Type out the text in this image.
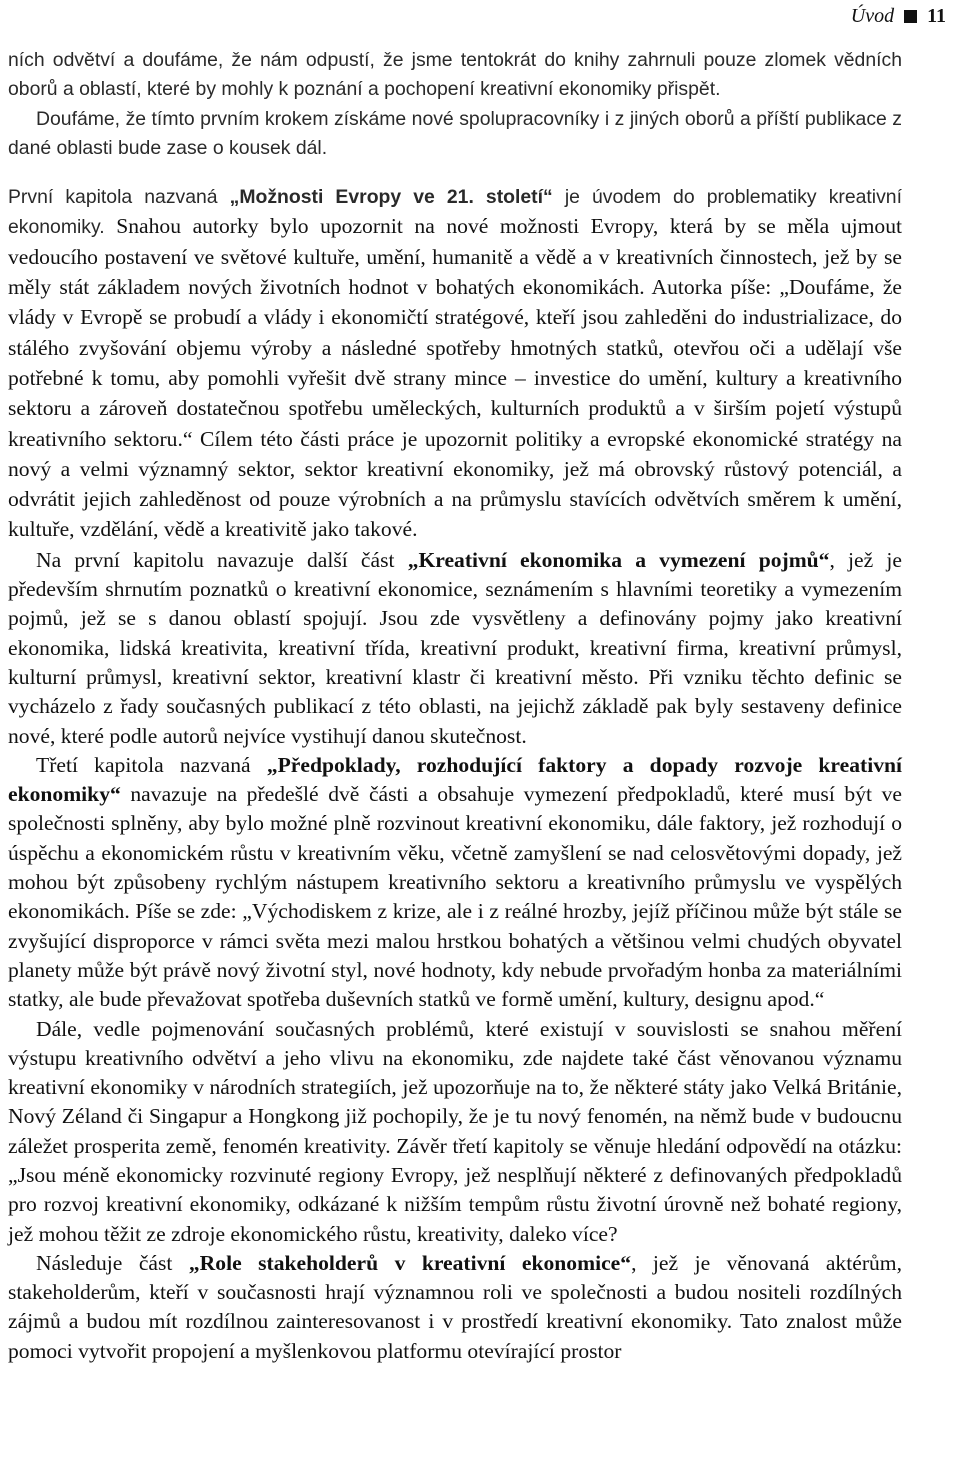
Úvod 11

ních odvětví a doufáme, že nám odpustí, že jsme tentokrát do knihy zahrnuli pouze zlomek vědních oborů a oblastí, které by mohly k poznání a pochopení kreativní ekonomiky přispět.

Doufáme, že tímto prvním krokem získáme nové spolupracovníky i z jiných oborů a příští publikace z dané oblasti bude zase o kousek dál.

První kapitola nazvaná „Možnosti Evropy ve 21. století“ je úvodem do problematiky kreativní ekonomiky. Snahou autorky bylo upozornit na nové možnosti Evropy, která by se měla ujmout vedoucího postavení ve světové kultuře, umění, humanitě a vědě a v kreativních činnostech, jež by se měly stát základem nových životních hodnot v bohatých ekonomikách. Autorka píše: „Doufáme, že vlády v Evropě se probudí a vlády i ekonomičtí stratégové, kteří jsou zahleděni do industrializace, do stálého zvyšování objemu výroby a následné spotřeby hmotných statků, otevřou oči a udělají vše potřebné k tomu, aby pomohli vyřešit dvě strany mince – investice do umění, kultury a kreativního sektoru a zároveň dostatečnou spotřebu uměleckých, kulturních produktů a v širším pojetí výstupů kreativního sektoru.“ Cílem této části práce je upozornit politiky a evropské ekonomické stratégy na nový a velmi významný sektor, sektor kreativní ekonomiky, jež má obrovský růstový potenciál, a odvrátit jejich zahleděnost od pouze výrobních a na průmyslu stavících odvětvích směrem k umění, kultuře, vzdělání, vědě a kreativitě jako takové.

Na první kapitolu navazuje další část „Kreativní ekonomika a vymezení pojmů“, jež je především shrnutím poznatků o kreativní ekonomice, seznámením s hlavními teoretiky a vymezením pojmů, jež se s danou oblastí spojují. Jsou zde vysvětleny a definovány pojmy jako kreativní ekonomika, lidská kreativita, kreativní třída, kreativní produkt, kreativní firma, kreativní průmysl, kulturní průmysl, kreativní sektor, kreativní klastr či kreativní město. Při vzniku těchto definic se vycházelo z řady současných publikací z této oblasti, na jejichž základě pak byly sestaveny definice nové, které podle autorů nejvíce vystihují danou skutečnost.

Třetí kapitola nazvaná „Předpoklady, rozhodující faktory a dopady rozvoje kreativní ekonomiky“ navazuje na předešlé dvě části a obsahuje vymezení předpokladů, které musí být ve společnosti splněny, aby bylo možné plně rozvinout kreativní ekonomiku, dále faktory, jež rozhodují o úspěchu a ekonomickém růstu v kreativním věku, včetně zamyšlení se nad celosvětovými dopady, jež mohou být způsobeny rychlým nástupem kreativního sektoru a kreativního průmyslu ve vyspělých ekonomikách. Píše se zde: „Východiskem z krize, ale i z reálné hrozby, jejíž příčinou může být stále se zvyšující disproporce v rámci světa mezi malou hrstkou bohatých a většinou velmi chudých obyvatel planety může být právě nový životní styl, nové hodnoty, kdy nebude prvořadým honba za materiálními statky, ale bude převažovat spotřeba duševních statků ve formě umění, kultury, designu apod.“

Dále, vedle pojmenování současných problémů, které existují v souvislosti se snahou měření výstupu kreativního odvětví a jeho vlivu na ekonomiku, zde najdete také část věnovanou významu kreativní ekonomiky v národních strategiích, jež upozorňuje na to, že některé státy jako Velká Británie, Nový Zéland či Singapur a Hongkong již pochopily, že je tu nový fenomén, na němž bude v budoucnu záležet prosperita země, fenomén kreativity. Závěr třetí kapitoly se věnuje hledání odpovědí na otázku: „Jsou méně ekonomicky rozvinuté regiony Evropy, jež nesplňují některé z definovaných předpokladů pro rozvoj kreativní ekonomiky, odkázané k nižším tempům růstu životní úrovně než bohaté regiony, jež mohou těžit ze zdroje ekonomického růstu, kreativity, daleko více?

Následuje část „Role stakeholderů v kreativní ekonomice“, jež je věnovaná aktérům, stakeholderům, kteří v současnosti hrají významnou roli ve společnosti a budou nositeli rozdílných zájmů a budou mít rozdílnou zainteresovanost i v prostředí kreativní ekonomiky. Tato znalost může pomoci vytvořit propojení a myšlenkovou platformu otevírající prostor
